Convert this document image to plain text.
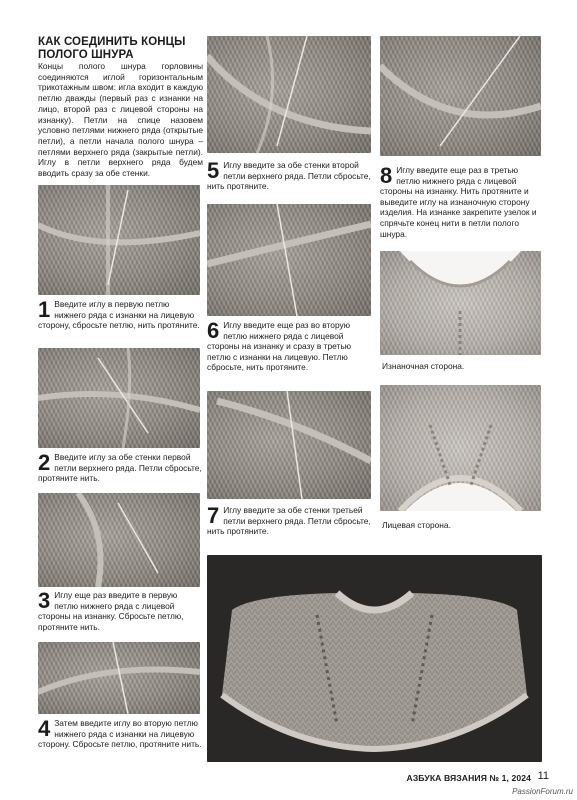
КАК СОЕДИНИТЬ КОНЦЫ ПОЛОГО ШНУРА
Концы полого шнура горловины соединяются иглой горизонтальным трикотажным швом: игла входит в каждую петлю дважды (первый раз с изнанки на лицо, второй раз с лицевой стороны на изнанку). Петли на спице назовем условно петлями нижнего ряда (открытые петли), а петли начала полого шнура – петлями верхнего ряда (закрытые петли). Иглу в петли верхнего ряда будем вводить сразу за обе стенки.
1 Введите иглу в первую петлю нижнего ряда с изнанки на лицевую сторону, сбросьте петлю, нить протяните.
2 Введите иглу за обе стенки первой петли верхнего ряда. Петли сбросьте, протяните нить.
3 Иглу еще раз введите в первую петлю нижнего ряда с лицевой стороны на изнанку. Сбросьте петлю, протяните нить.
4 Затем введите иглу во вторую петлю нижнего ряда с изнанки на лицевую сторону. Сбросьте петлю, протяните нить.
5 Иглу введите за обе стенки второй петли верхнего ряда. Петли сбросьте, нить протяните.
6 Иглу введите еще раз во вторую петлю нижнего ряда с лицевой стороны на изнанку и сразу в третью петлю с изнанки на лицевую. Петлю сбросьте, нить протяните.
7 Иглу введите за обе стенки третьей петли верхнего ряда. Петли сбросьте, нить протяните.
8 Иглу введите еще раз в третью петлю нижнего ряда с лицевой стороны на изнанку. Нить протяните и выведите иглу на изнаночную сторону изделия. На изнанке закрепите узелок и спрячьте конец нити в петли полого шнура.
Изнаночная сторона.
Лицевая сторона.
АЗБУКА ВЯЗАНИЯ № 1, 2024 11
PassionForum.ru
